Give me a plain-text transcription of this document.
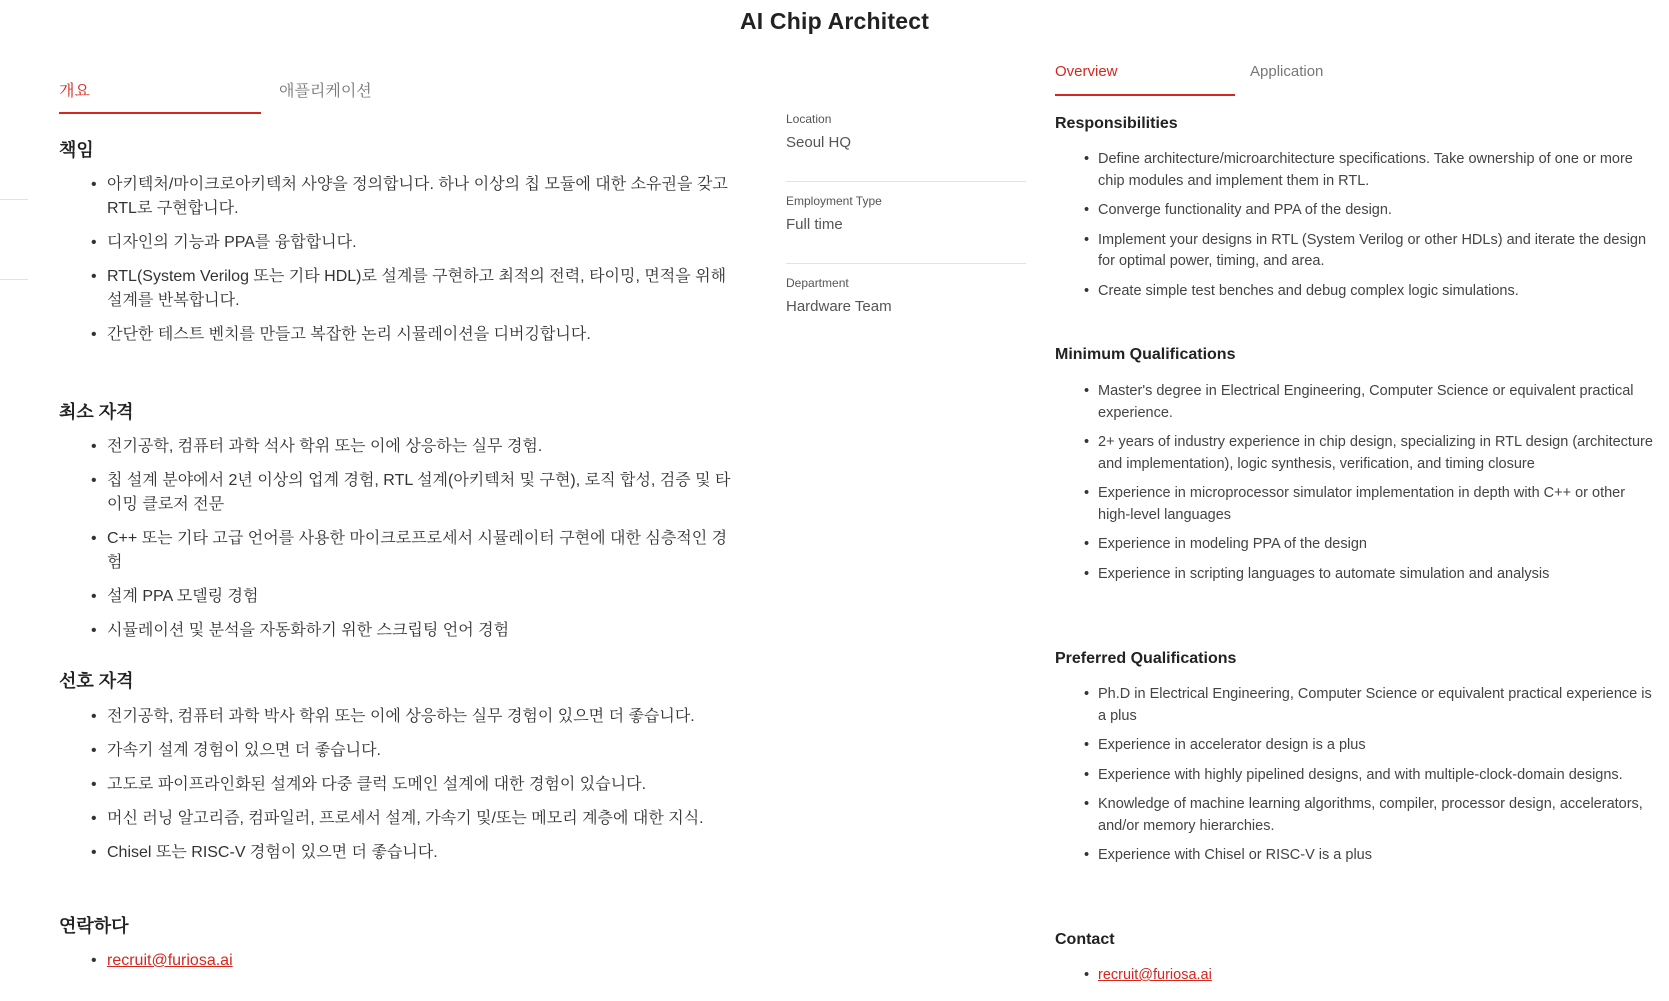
AI Chip Architect
개요	애플리케이션
책임
• 아키텍처/마이크로아키텍처 사양을 정의합니다. 하나 이상의 칩 모듈에 대한 소유권을 갖고 RTL로 구현합니다.
• 디자인의 기능과 PPA를 융합합니다.
• RTL(System Verilog 또는 기타 HDL)로 설계를 구현하고 최적의 전력, 타이밍, 면적을 위해 설계를 반복합니다.
• 간단한 테스트 벤치를 만들고 복잡한 논리 시뮬레이션을 디버깅합니다.
최소 자격
• 전기공학, 컴퓨터 과학 석사 학위 또는 이에 상응하는 실무 경험.
• 칩 설계 분야에서 2년 이상의 업계 경험, RTL 설계(아키텍처 및 구현), 로직 합성, 검증 및 타이밍 클로저 전문
• C++ 또는 기타 고급 언어를 사용한 마이크로프로세서 시뮬레이터 구현에 대한 심층적인 경험
• 설계 PPA 모델링 경험
• 시뮬레이션 및 분석을 자동화하기 위한 스크립팅 언어 경험
선호 자격
• 전기공학, 컴퓨터 과학 박사 학위 또는 이에 상응하는 실무 경험이 있으면 더 좋습니다.
• 가속기 설계 경험이 있으면 더 좋습니다.
• 고도로 파이프라인화된 설계와 다중 클럭 도메인 설계에 대한 경험이 있습니다.
• 머신 러닝 알고리즘, 컴파일러, 프로세서 설계, 가속기 및/또는 메모리 계층에 대한 지식.
• Chisel 또는 RISC-V 경험이 있으면 더 좋습니다.
연락하다
• recruit@furiosa.ai
Location
Seoul HQ
Employment Type
Full time
Department
Hardware Team
Overview	Application
Responsibilities
• Define architecture/microarchitecture specifications. Take ownership of one or more chip modules and implement them in RTL.
• Converge functionality and PPA of the design.
• Implement your designs in RTL (System Verilog or other HDLs) and iterate the design for optimal power, timing, and area.
• Create simple test benches and debug complex logic simulations.
Minimum Qualifications
• Master's degree in Electrical Engineering, Computer Science or equivalent practical experience.
• 2+ years of industry experience in chip design, specializing in RTL design (architecture and implementation), logic synthesis, verification, and timing closure
• Experience in microprocessor simulator implementation in depth with C++ or other high-level languages
• Experience in modeling PPA of the design
• Experience in scripting languages to automate simulation and analysis
Preferred Qualifications
• Ph.D in Electrical Engineering, Computer Science or equivalent practical experience is a plus
• Experience in accelerator design is a plus
• Experience with highly pipelined designs, and with multiple-clock-domain designs.
• Knowledge of machine learning algorithms, compiler, processor design, accelerators, and/or memory hierarchies.
• Experience with Chisel or RISC-V is a plus
Contact
• recruit@furiosa.ai
